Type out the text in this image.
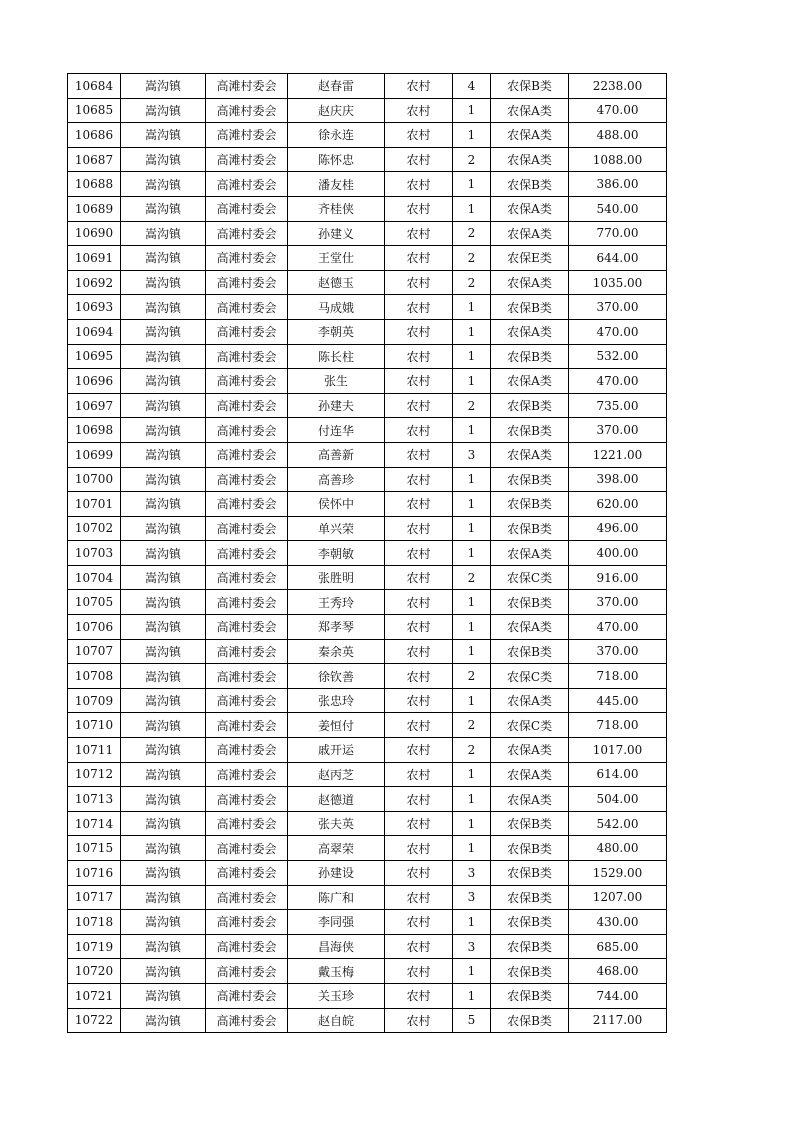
10684	嵩沟镇	高滩村委会	赵春雷	农村	4	农保B类	2238.00
10685	嵩沟镇	高滩村委会	赵庆庆	农村	1	农保A类	470.00
10686	嵩沟镇	高滩村委会	徐永连	农村	1	农保A类	488.00
10687	嵩沟镇	高滩村委会	陈怀忠	农村	2	农保A类	1088.00
10688	嵩沟镇	高滩村委会	潘友桂	农村	1	农保B类	386.00
10689	嵩沟镇	高滩村委会	齐桂侠	农村	1	农保A类	540.00
10690	嵩沟镇	高滩村委会	孙建义	农村	2	农保A类	770.00
10691	嵩沟镇	高滩村委会	王堂仕	农村	2	农保E类	644.00
10692	嵩沟镇	高滩村委会	赵德玉	农村	2	农保A类	1035.00
10693	嵩沟镇	高滩村委会	马成娥	农村	1	农保B类	370.00
10694	嵩沟镇	高滩村委会	李朝英	农村	1	农保A类	470.00
10695	嵩沟镇	高滩村委会	陈长柱	农村	1	农保B类	532.00
10696	嵩沟镇	高滩村委会	张生	农村	1	农保A类	470.00
10697	嵩沟镇	高滩村委会	孙建夫	农村	2	农保B类	735.00
10698	嵩沟镇	高滩村委会	付连华	农村	1	农保B类	370.00
10699	嵩沟镇	高滩村委会	高善新	农村	3	农保A类	1221.00
10700	嵩沟镇	高滩村委会	高善珍	农村	1	农保B类	398.00
10701	嵩沟镇	高滩村委会	侯怀中	农村	1	农保B类	620.00
10702	嵩沟镇	高滩村委会	单兴荣	农村	1	农保B类	496.00
10703	嵩沟镇	高滩村委会	李朝敏	农村	1	农保A类	400.00
10704	嵩沟镇	高滩村委会	张胜明	农村	2	农保C类	916.00
10705	嵩沟镇	高滩村委会	王秀玲	农村	1	农保B类	370.00
10706	嵩沟镇	高滩村委会	郑孝琴	农村	1	农保A类	470.00
10707	嵩沟镇	高滩村委会	秦余英	农村	1	农保B类	370.00
10708	嵩沟镇	高滩村委会	徐钦善	农村	2	农保C类	718.00
10709	嵩沟镇	高滩村委会	张忠玲	农村	1	农保A类	445.00
10710	嵩沟镇	高滩村委会	姜恒付	农村	2	农保C类	718.00
10711	嵩沟镇	高滩村委会	戚开运	农村	2	农保A类	1017.00
10712	嵩沟镇	高滩村委会	赵丙芝	农村	1	农保A类	614.00
10713	嵩沟镇	高滩村委会	赵德道	农村	1	农保A类	504.00
10714	嵩沟镇	高滩村委会	张夫英	农村	1	农保B类	542.00
10715	嵩沟镇	高滩村委会	高翠荣	农村	1	农保B类	480.00
10716	嵩沟镇	高滩村委会	孙建设	农村	3	农保B类	1529.00
10717	嵩沟镇	高滩村委会	陈广和	农村	3	农保B类	1207.00
10718	嵩沟镇	高滩村委会	李同强	农村	1	农保B类	430.00
10719	嵩沟镇	高滩村委会	昌海侠	农村	3	农保B类	685.00
10720	嵩沟镇	高滩村委会	戴玉梅	农村	1	农保B类	468.00
10721	嵩沟镇	高滩村委会	关玉珍	农村	1	农保B类	744.00
10722	嵩沟镇	高滩村委会	赵自皖	农村	5	农保B类	2117.00
